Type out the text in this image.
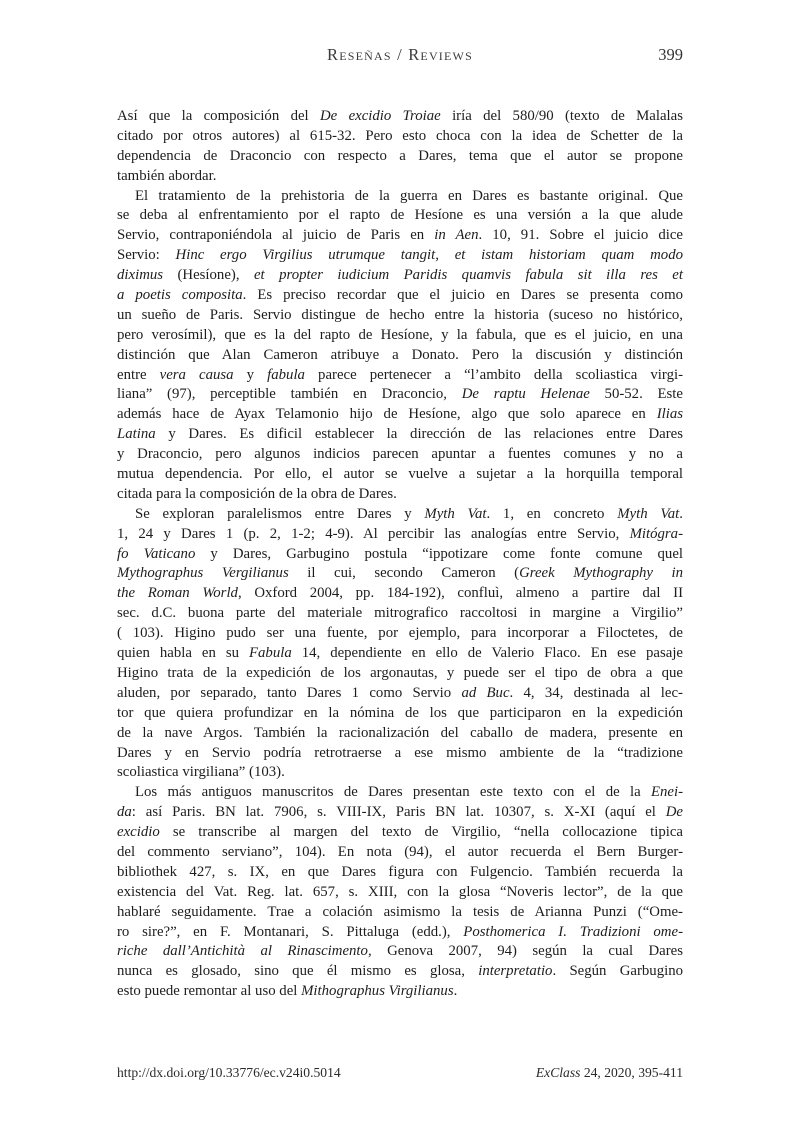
Reseñas / Reviews	399
Así que la composición del De excidio Troiae iría del 580/90 (texto de Malalas
citado por otros autores) al 615-32. Pero esto choca con la idea de Schetter de la
dependencia de Draconcio con respecto a Dares, tema que el autor se propone
también abordar.
El tratamiento de la prehistoria de la guerra en Dares es bastante original. Que
se deba al enfrentamiento por el rapto de Hesíone es una versión a la que alude
Servio, contraponiéndola al juicio de Paris en in Aen. 10, 91. Sobre el juicio dice
Servio: Hinc ergo Virgilius utrumque tangit, et istam historiam quam modo
diximus (Hesíone), et propter iudicium Paridis quamvis fabula sit illa res et
a poetis composita. Es preciso recordar que el juicio en Dares se presenta como
un sueño de Paris. Servio distingue de hecho entre la historia (suceso no histórico,
pero verosímil), que es la del rapto de Hesíone, y la fabula, que es el juicio, en una
distinción que Alan Cameron atribuye a Donato. Pero la discusión y distinción
entre vera causa y fabula parece pertenecer a “l’ambito della scoliastica virgi-
liana” (97), perceptible también en Draconcio, De raptu Helenae 50-52. Este
además hace de Ayax Telamonio hijo de Hesíone, algo que solo aparece en Ilias
Latina y Dares. Es dificil establecer la dirección de las relaciones entre Dares
y Draconcio, pero algunos indicios parecen apuntar a fuentes comunes y no a
mutua dependencia. Por ello, el autor se vuelve a sujetar a la horquilla temporal
citada para la composición de la obra de Dares.
Se exploran paralelismos entre Dares y Myth Vat. 1, en concreto Myth Vat.
1, 24 y Dares 1 (p. 2, 1-2; 4-9). Al percibir las analogías entre Servio, Mitógra-
fo Vaticano y Dares, Garbugino postula “ippotizare come fonte comune quel
Mythographus Vergilianus il cui, secondo Cameron (Greek Mythography in
the Roman World, Oxford 2004, pp. 184-192), confluì, almeno a partire dal II
sec. d.C. buona parte del materiale mitrografico raccoltosi in margine a Virgilio”
( 103). Higino pudo ser una fuente, por ejemplo, para incorporar a Filoctetes, de
quien habla en su Fabula 14, dependiente en ello de Valerio Flaco. En ese pasaje
Higino trata de la expedición de los argonautas, y puede ser el tipo de obra a que
aluden, por separado, tanto Dares 1 como Servio ad Buc. 4, 34, destinada al lec-
tor que quiera profundizar en la nómina de los que participaron en la expedición
de la nave Argos. También la racionalización del caballo de madera, presente en
Dares y en Servio podría retrotraerse a ese mismo ambiente de la “tradizione
scoliastica virgiliana” (103).
Los más antiguos manuscritos de Dares presentan este texto con el de la Enei-
da: así Paris. BN lat. 7906, s. VIII-IX, Paris BN lat. 10307, s. X-XI (aquí el De
excidio se transcribe al margen del texto de Virgilio, “nella collocazione tipica
del commento serviano”, 104). En nota (94), el autor recuerda el Bern Burger-
bibliothek 427, s. IX, en que Dares figura con Fulgencio. También recuerda la
existencia del Vat. Reg. lat. 657, s. XIII, con la glosa “Noveris lector”, de la que
hablaré seguidamente. Trae a colación asimismo la tesis de Arianna Punzi (“Ome-
ro sire?”, en F. Montanari, S. Pittaluga (edd.), Posthomerica I. Tradizioni ome-
riche dall’Antichità al Rinascimento, Genova 2007, 94) según la cual Dares
nunca es glosado, sino que él mismo es glosa, interpretatio. Según Garbugino
esto puede remontar al uso del Mithographus Virgilianus.
http://dx.doi.org/10.33776/ec.v24i0.5014	ExClass 24, 2020, 395-411
